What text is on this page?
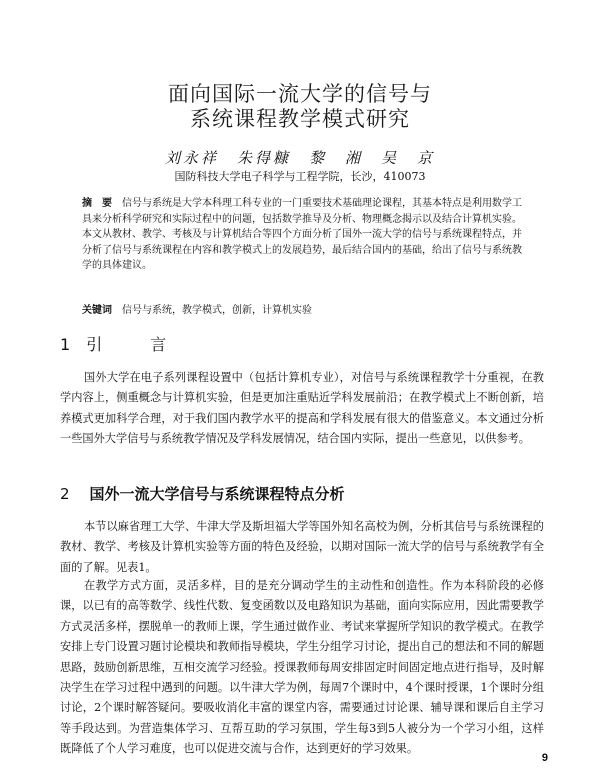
面向国际一流大学的信号与
系统课程教学模式研究
刘永祥　朱得糠　黎　湘　吴　京
国防科技大学电子科学与工程学院，长沙，410073
摘　要 信号与系统是大学本科理工科专业的一门重要技术基础理论课程，其基本特点是利用数学工具来分析科学研究和实际过程中的问题，包括数学推导及分析、物理概念揭示以及结合计算机实验。本文从教材、教学、考核及与计算机结合等四个方面分析了国外一流大学的信号与系统课程特点，并分析了信号与系统课程在内容和教学模式上的发展趋势，最后结合国内的基础，给出了信号与系统教学的具体建议。
关键词 信号与系统，教学模式，创新，计算机实验
1 引　言
国外大学在电子系列课程设置中（包括计算机专业），对信号与系统课程教学十分重视，在教学内容上，侧重概念与计算机实验，但是更加注重贴近学科发展前沿；在教学模式上不断创新，培养模式更加科学合理，对于我们国内教学水平的提高和学科发展有很大的借鉴意义。本文通过分析一些国外大学信号与系统教学情况及学科发展情况，结合国内实际，提出一些意见，以供参考。
2 国外一流大学信号与系统课程特点分析
本节以麻省理工大学、牛津大学及斯坦福大学等国外知名高校为例，分析其信号与系统课程的教材、教学、考核及计算机实验等方面的特色及经验，以期对国际一流大学的信号与系统教学有全面的了解。见表1。
在教学方式方面，灵活多样，目的是充分调动学生的主动性和创造性。作为本科阶段的必修课，以已有的高等数学、线性代数、复变函数以及电路知识为基础，面向实际应用，因此需要教学方式灵活多样，摆脱单一的教师上课，学生通过做作业、考试来掌握所学知识的教学模式。在教学安排上专门设置习题讨论模块和教师指导模块，学生分组学习讨论，提出自己的想法和不同的解题思路，鼓励创新思维，互相交流学习经验。授课教师每周安排固定时间固定地点进行指导，及时解决学生在学习过程中遇到的问题。以牛津大学为例，每周7个课时中，4个课时授课，1个课时分组讨论，2个课时解答疑问。要吸收消化丰富的课堂内容，需要通过讨论课、辅导课和课后自主学习等手段达到。为营造集体学习、互帮互助的学习氛围，学生每3到5人被分为一个学习小组，这样既降低了个人学习难度，也可以促进交流与合作，达到更好的学习效果。
9
